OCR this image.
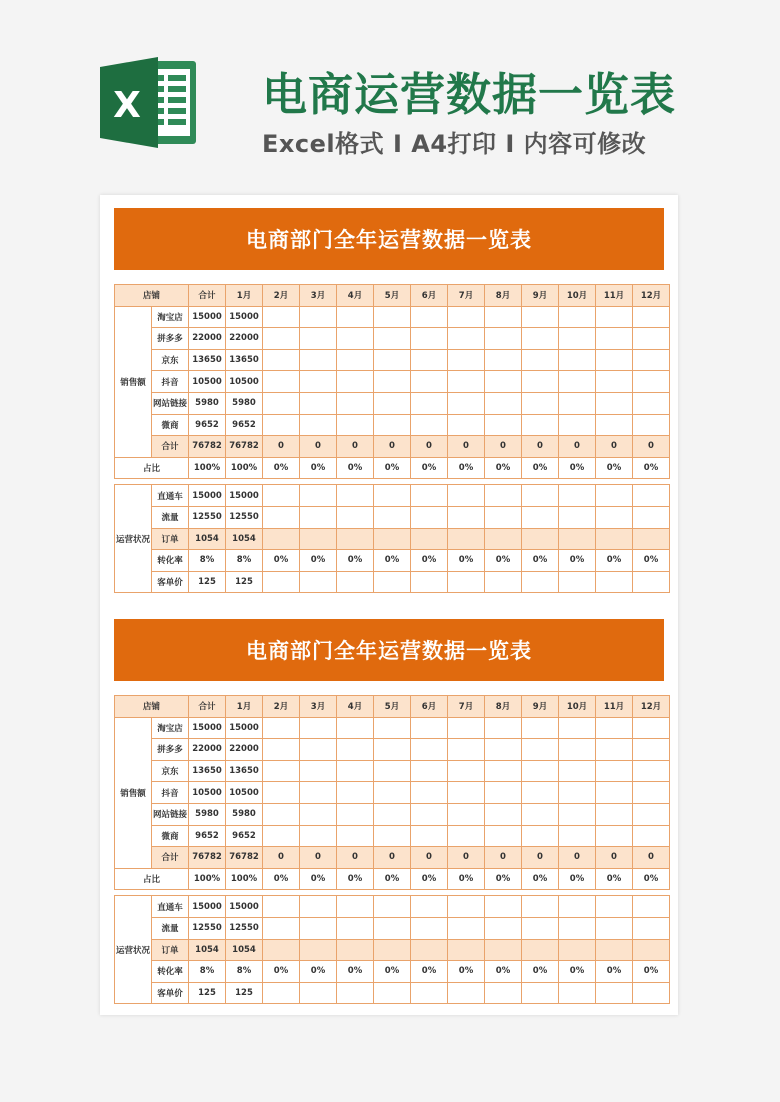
X	电商运营数据一览表
Excel格式 I A4打印 I 内容可修改
电商部门全年运营数据一览表
店铺		合计	1月	2月	3月	4月	5月	6月	7月	8月	9月	10月	11月	12月
销售额	淘宝店	15000	15000											
	拼多多	22000	22000											
	京东	13650	13650											
	抖音	10500	10500											
	网站链接	5980	5980											
	微商	9652	9652											
	合计	76782	76782	0	0	0	0	0	0	0	0	0	0	0
占比		100%	100%	0%	0%	0%	0%	0%	0%	0%	0%	0%	0%	0%
运营状况	直通车	15000	15000											
	流量	12550	12550											
	订单	1054	1054											
	转化率	8%	8%	0%	0%	0%	0%	0%	0%	0%	0%	0%	0%	0%
	客单价	125	125											
电商部门全年运营数据一览表
店铺		合计	1月	2月	3月	4月	5月	6月	7月	8月	9月	10月	11月	12月
销售额	淘宝店	15000	15000											
	拼多多	22000	22000											
	京东	13650	13650											
	抖音	10500	10500											
	网站链接	5980	5980											
	微商	9652	9652											
	合计	76782	76782	0	0	0	0	0	0	0	0	0	0	0
占比		100%	100%	0%	0%	0%	0%	0%	0%	0%	0%	0%	0%	0%
运营状况	直通车	15000	15000											
	流量	12550	12550											
	订单	1054	1054											
	转化率	8%	8%	0%	0%	0%	0%	0%	0%	0%	0%	0%	0%	0%
	客单价	125	125											
